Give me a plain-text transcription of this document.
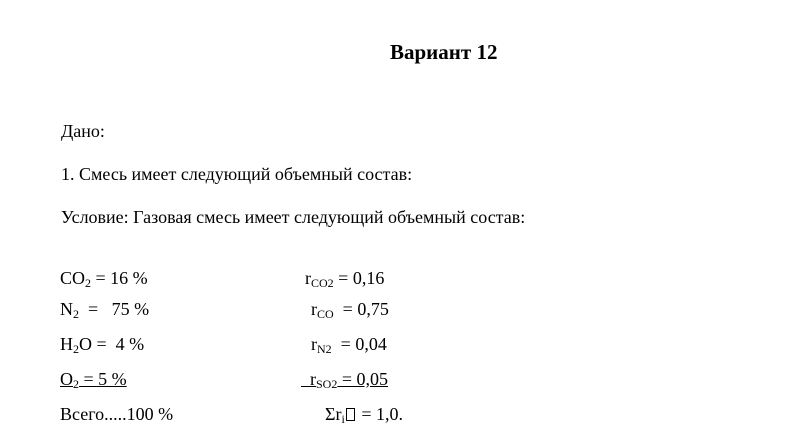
Вариант 12
Дано:
1. Смесь имеет следующий объемный состав:
Условие: Газовая смесь имеет следующий объемный состав:
$CO_2 = 16$ %	$r_{CO2} = 0,16$
$N_2 = 75$ %	$r_{CO} = 0,75$
$H_2O = 4$ %	$r_{N2} = 0,04$
$O_2 = 5$ %	$r_{SO2} = 0,05$
Всего.....100 %	$\Sigma r_i = 1,0$.
